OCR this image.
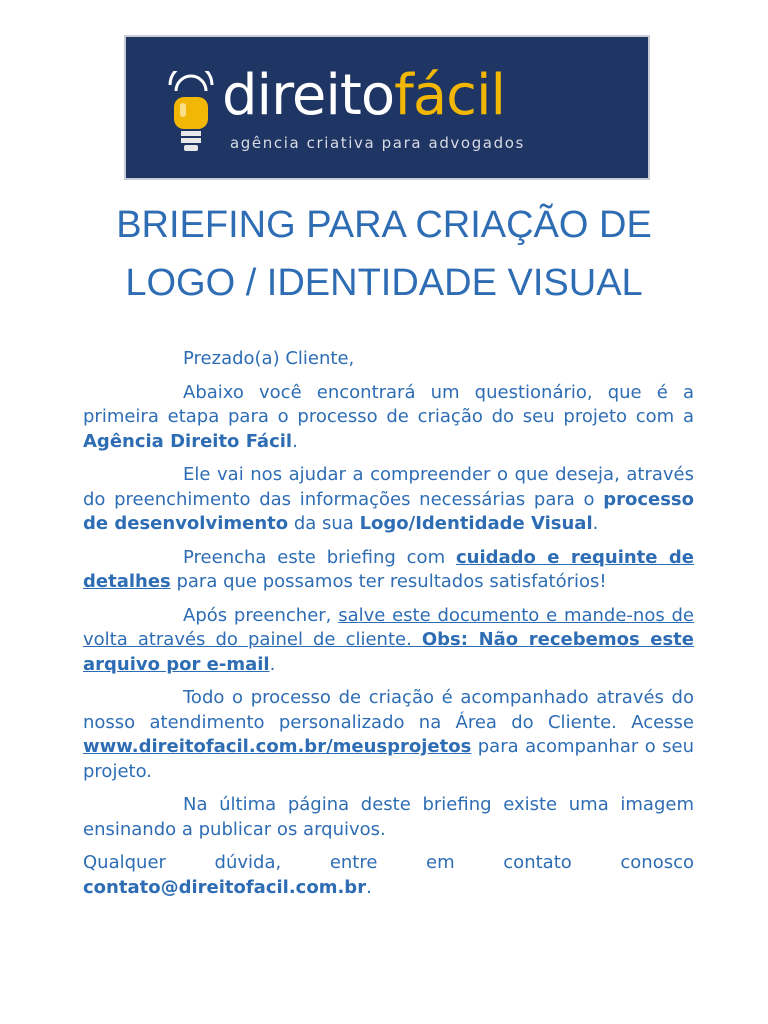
direitofácil
agência criativa para advogados
BRIEFING PARA CRIAÇÃO DE
LOGO / IDENTIDADE VISUAL

Prezado(a) Cliente,

Abaixo você encontrará um questionário, que é a primeira etapa para o processo de criação do seu projeto com a Agência Direito Fácil.

Ele vai nos ajudar a compreender o que deseja, através do preenchimento das informações necessárias para o processo de desenvolvimento da sua Logo/Identidade Visual.

Preencha este briefing com cuidado e requinte de detalhes para que possamos ter resultados satisfatórios!

Após preencher, salve este documento e mande-nos de volta através do painel de cliente. Obs: Não recebemos este arquivo por e-mail.

Todo o processo de criação é acompanhado através do nosso atendimento personalizado na Área do Cliente. Acesse www.direitofacil.com.br/meusprojetos para acompanhar o seu projeto.

Na última página deste briefing existe uma imagem ensinando a publicar os arquivos.

Qualquer dúvida, entre em contato conosco contato@direitofacil.com.br.
